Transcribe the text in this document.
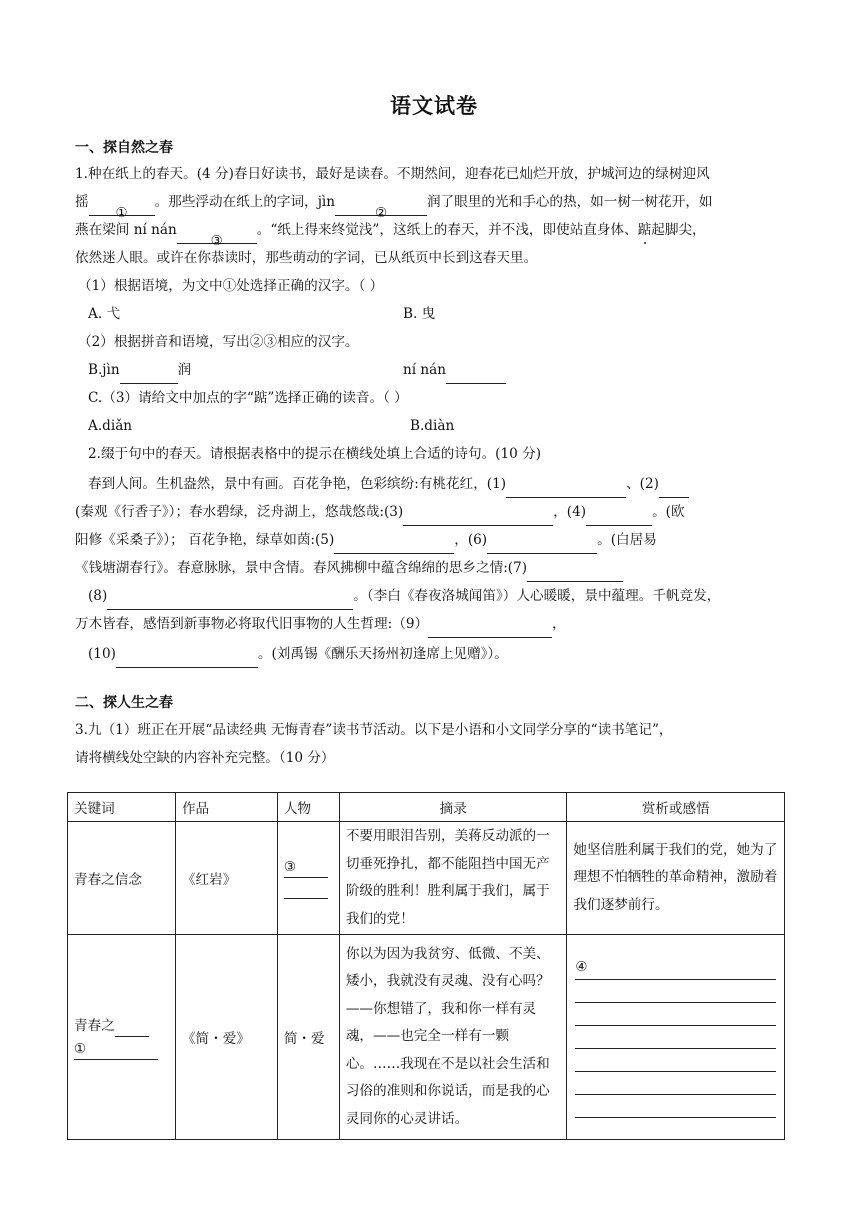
语文试卷
一、探自然之春
1.种在纸上的春天。(4 分)春日好读书，最好是读春。不期然间，迎春花已灿烂开放，护城河边的绿树迎风
摇①。那些浮动在纸上的字词，jìn②润了眼里的光和手心的热，如一树一树花开，如
燕在梁间 ní nán③。“纸上得来终觉浅”，这纸上的春天，并不浅，即使站直身体、踮起脚尖，
依然迷人眼。或许在你恭读时，那些萌动的字词，已从纸页中长到这春天里。
（1）根据语境，为文中①处选择正确的汉字。（ ）
A. 弋	B. 曳
（2）根据拼音和语境，写出②③相应的汉字。
B.jìn	润	ní nán
C.（3）请给文中加点的字“踮”选择正确的读音。（ ）
A.diǎn	B.diàn
2.缀于句中的春天。请根据表格中的提示在横线处填上合适的诗句。(10 分)
春到人间。生机盎然，景中有画。百花争艳，色彩缤纷:有桃花红，(1)	、(2)
(秦观《行香子》）；春水碧绿，泛舟湖上，悠哉悠哉:(3)	，(4)	。(欧
阳修《采桑子》）； 百花争艳，绿草如茵:(5)	，(6)	。(白居易
《钱塘湖春行》。春意脉脉，景中含情。春风拂柳中蕴含绵绵的思乡之情:(7)
(8)	。（李白《春夜洛城闻笛》）人心暖暖，景中蕴理。千帆竞发，
万木皆春，感悟到新事物必将取代旧事物的人生哲理:（9）	，
(10)	。(刘禹锡《酬乐天扬州初逢席上见赠》）。
二、探人生之春
3.九（1）班正在开展“品读经典 无悔青春”读书节活动。以下是小语和小文同学分享的“读书笔记”，
请将横线处空缺的内容补充完整。（10 分）
关键词	作品	人物	摘录	赏析或感悟
青春之信念	《红岩》	③	不要用眼泪告别，美蒋反动派的一切垂死挣扎，都不能阻挡中国无产阶级的胜利！胜利属于我们，属于我们的党！	她坚信胜利属于我们的党，她为了理想不怕牺牲的革命精神，激励着我们逐梦前行。

青春之
①	《简・爱》	简・爱	你以为因为我贫穷、低微、不美、矮小，我就没有灵魂、没有心吗？——你想错了，我和你一样有灵魂，——也完全一样有一颗心。……我现在不是以社会生活和习俗的准则和你说话，而是我的心灵同你的心灵讲话。	④
